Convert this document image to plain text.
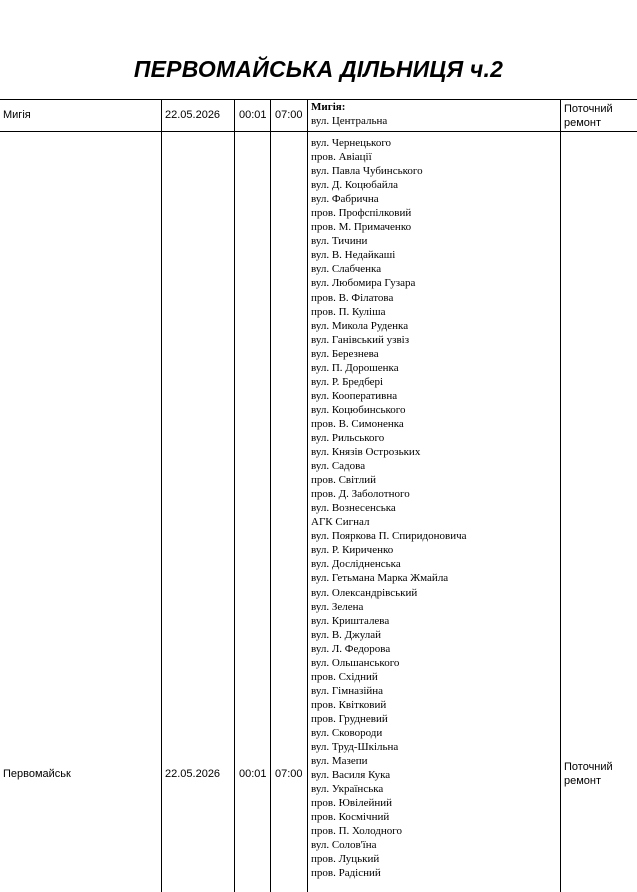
ПЕРВОМАЙСЬКА ДІЛЬНИЦЯ ч.2
Мигія	22.05.2026 00:01 07:00
Мигія:
вул. Центральна
Поточний ремонт
Первомайськ	22.05.2026 00:01 07:00
Поточний ремонт
вул. Чернецького
пров. Авіації
вул. Павла Чубинського
вул. Д. Коцюбайла
вул. Фабрична
пров. Профспілковий
пров. М. Примаченко
вул. Тичини
вул. В. Недайкаші
вул. Слабченка
вул. Любомира Гузара
пров. В. Філатова
пров. П. Куліша
вул. Микола Руденка
вул. Ганівський узвіз
вул. Березнева
вул. П. Дорошенка
вул. Р. Бредбері
вул. Кооперативна
вул. Коцюбинського
пров. В. Симоненка
вул. Рильського
вул. Князів Острозьких
вул. Садова
пров. Світлий
пров. Д. Заболотного
вул. Вознесенська
АГК Сигнал
вул. Пояркова П. Спиридоновича
вул. Р. Кириченко
вул. Дослідненська
вул. Гетьмана Марка Жмайла
вул. Олександрівський
вул. Зелена
вул. Кришталева
вул. В. Джулай
вул. Л. Федорова
вул. Ольшанського
пров. Східний
вул. Гімназійна
пров. Квітковий
пров. Грудневий
вул. Сковороди
вул. Труд-Шкільна
вул. Мазепи
вул. Василя Кука
вул. Українська
пров. Ювілейний
пров. Космічний
пров. П. Холодного
вул. Солов'їна
пров. Луцький
пров. Радісний
